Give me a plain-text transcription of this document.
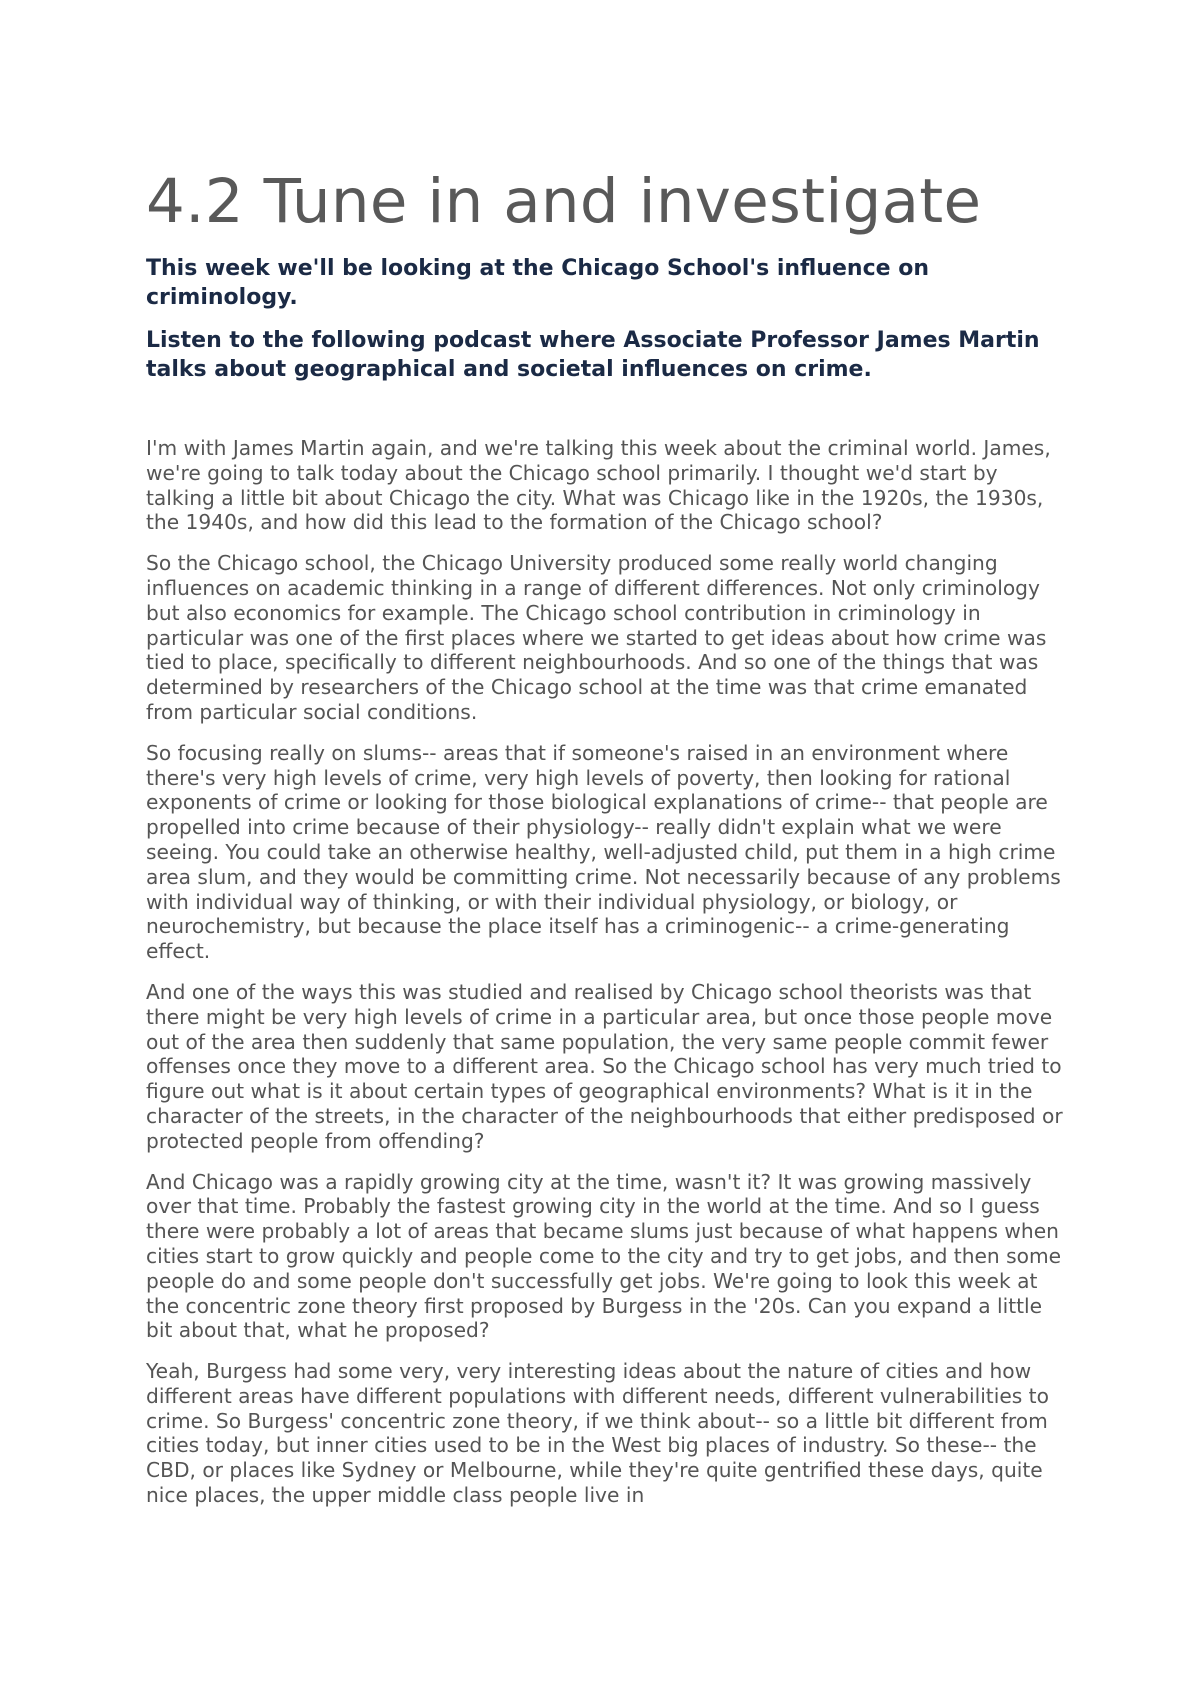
4.2 Tune in and investigate

This week we'll be looking at the Chicago School's influence on criminology.

Listen to the following podcast where Associate Professor James Martin talks about geographical and societal influences on crime.

I'm with James Martin again, and we're talking this week about the criminal world. James, we're going to talk today about the Chicago school primarily. I thought we'd start by talking a little bit about Chicago the city. What was Chicago like in the 1920s, the 1930s, the 1940s, and how did this lead to the formation of the Chicago school?

So the Chicago school, the Chicago University produced some really world changing influences on academic thinking in a range of different differences. Not only criminology but also economics for example. The Chicago school contribution in criminology in particular was one of the first places where we started to get ideas about how crime was tied to place, specifically to different neighbourhoods. And so one of the things that was determined by researchers of the Chicago school at the time was that crime emanated from particular social conditions.

So focusing really on slums-- areas that if someone's raised in an environment where there's very high levels of crime, very high levels of poverty, then looking for rational exponents of crime or looking for those biological explanations of crime-- that people are propelled into crime because of their physiology-- really didn't explain what we were seeing. You could take an otherwise healthy, well-adjusted child, put them in a high crime area slum, and they would be committing crime. Not necessarily because of any problems with individual way of thinking, or with their individual physiology, or biology, or neurochemistry, but because the place itself has a criminogenic-- a crime-generating effect.

And one of the ways this was studied and realised by Chicago school theorists was that there might be very high levels of crime in a particular area, but once those people move out of the area then suddenly that same population, the very same people commit fewer offenses once they move to a different area. So the Chicago school has very much tried to figure out what is it about certain types of geographical environments? What is it in the character of the streets, in the character of the neighbourhoods that either predisposed or protected people from offending?

And Chicago was a rapidly growing city at the time, wasn't it? It was growing massively over that time. Probably the fastest growing city in the world at the time. And so I guess there were probably a lot of areas that became slums just because of what happens when cities start to grow quickly and people come to the city and try to get jobs, and then some people do and some people don't successfully get jobs. We're going to look this week at the concentric zone theory first proposed by Burgess in the '20s. Can you expand a little bit about that, what he proposed?

Yeah, Burgess had some very, very interesting ideas about the nature of cities and how different areas have different populations with different needs, different vulnerabilities to crime. So Burgess' concentric zone theory, if we think about-- so a little bit different from cities today, but inner cities used to be in the West big places of industry. So these-- the CBD, or places like Sydney or Melbourne, while they're quite gentrified these days, quite nice places, the upper middle class people live in
